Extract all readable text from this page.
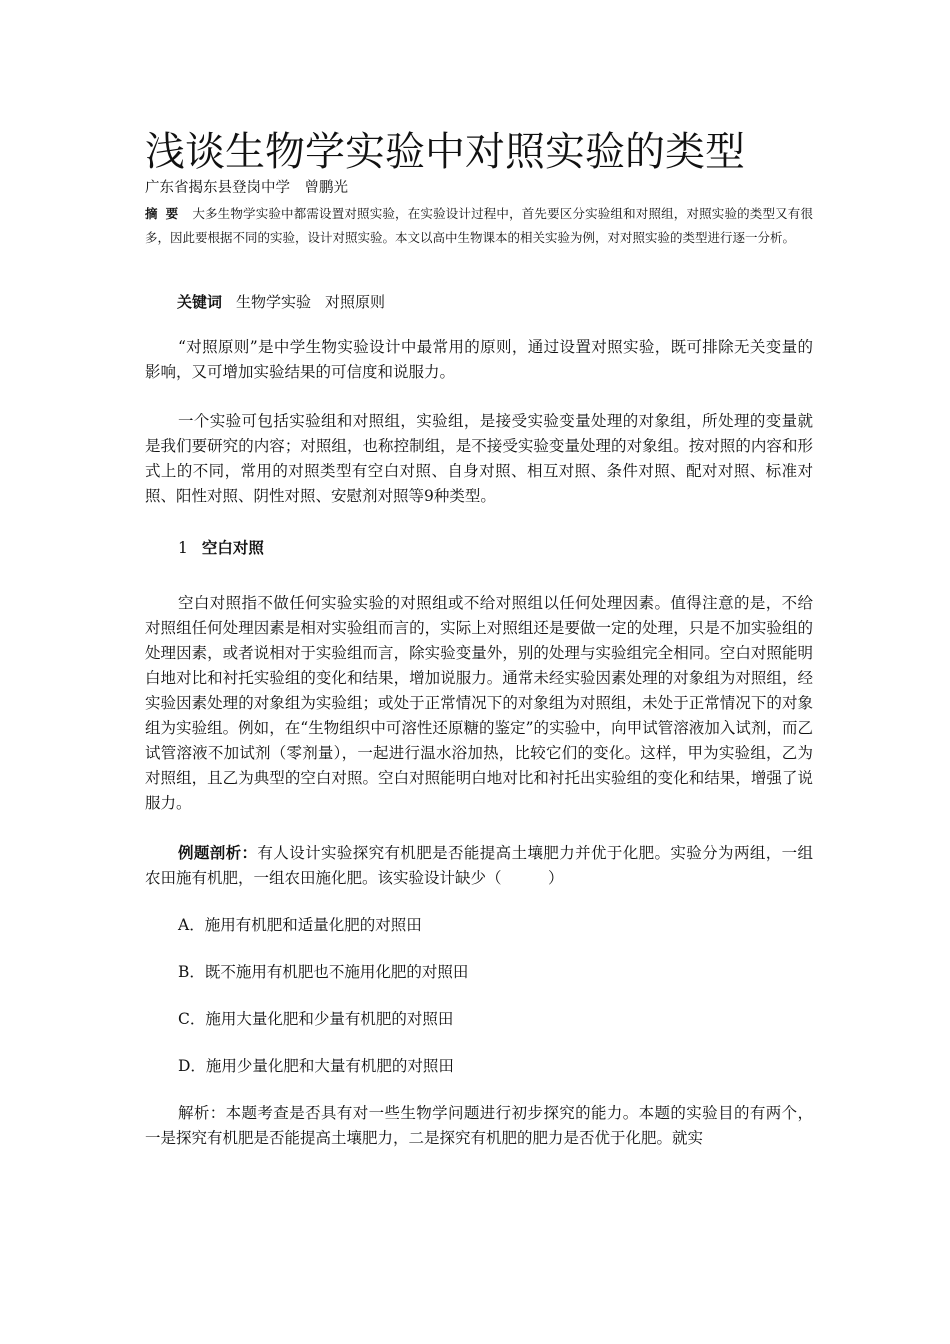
浅谈生物学实验中对照实验的类型
广东省揭东县登岗中学　曾鹏光
摘要 大多生物学实验中都需设置对照实验，在实验设计过程中，首先要区分实验组和对照组，对照实验的类型又有很多，因此要根据不同的实验，设计对照实验。本文以高中生物课本的相关实验为例，对对照实验的类型进行逐一分析。
关键词 生物学实验 对照原则

“对照原则”是中学生物实验设计中最常用的原则，通过设置对照实验，既可排除无关变量的影响，又可增加实验结果的可信度和说服力。

一个实验可包括实验组和对照组，实验组，是接受实验变量处理的对象组，所处理的变量就是我们要研究的内容；对照组，也称控制组，是不接受实验变量处理的对象组。按对照的内容和形式上的不同，常用的对照类型有空白对照、自身对照、相互对照、条件对照、配对对照、标准对照、阳性对照、阴性对照、安慰剂对照等9种类型。

1 空白对照

空白对照指不做任何实验实验的对照组或不给对照组以任何处理因素。值得注意的是，不给对照组任何处理因素是相对实验组而言的，实际上对照组还是要做一定的处理，只是不加实验组的处理因素，或者说相对于实验组而言，除实验变量外，别的处理与实验组完全相同。空白对照能明白地对比和衬托实验组的变化和结果，增加说服力。通常未经实验因素处理的对象组为对照组，经实验因素处理的对象组为实验组；或处于正常情况下的对象组为对照组，未处于正常情况下的对象组为实验组。例如，在“生物组织中可溶性还原糖的鉴定”的实验中，向甲试管溶液加入试剂，而乙试管溶液不加试剂（零剂量），一起进行温水浴加热，比较它们的变化。这样，甲为实验组，乙为对照组，且乙为典型的空白对照。空白对照能明白地对比和衬托出实验组的变化和结果，增强了说服力。

例题剖析：有人设计实验探究有机肥是否能提高土壤肥力并优于化肥。实验分为两组，一组农田施有机肥，一组农田施化肥。该实验设计缺少（　　　）

A．施用有机肥和适量化肥的对照田
B．既不施用有机肥也不施用化肥的对照田
C．施用大量化肥和少量有机肥的对照田
D．施用少量化肥和大量有机肥的对照田

解析：本题考查是否具有对一些生物学问题进行初步探究的能力。本题的实验目的有两个，一是探究有机肥是否能提高土壤肥力，二是探究有机肥的肥力是否优于化肥。就实
